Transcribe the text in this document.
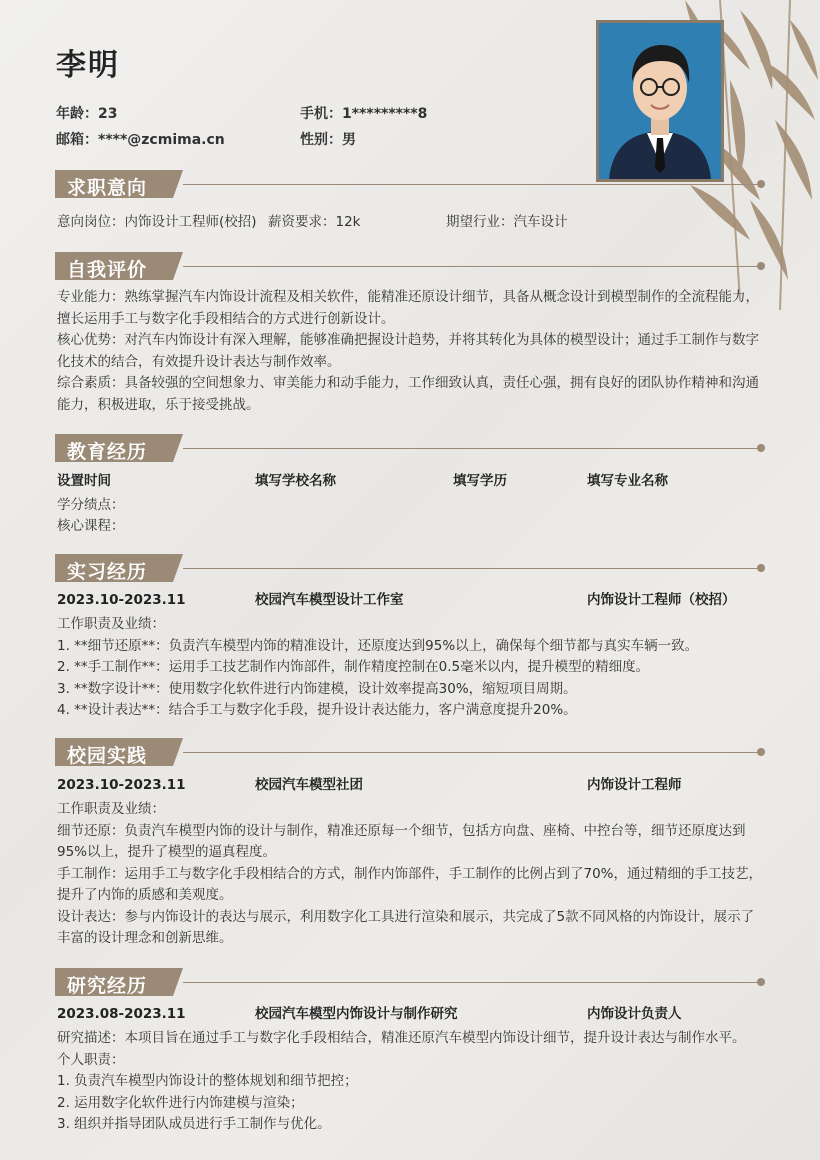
李明
年龄：23	手机：1*********8
邮箱：****@zcmima.cn	性别：男
求职意向
意向岗位：内饰设计工程师(校招) 薪资要求：12k	期望行业：汽车设计
自我评价
专业能力：熟练掌握汽车内饰设计流程及相关软件，能精准还原设计细节，具备从概念设计到模型制作的全流程能力，擅长运用手工与数字化手段相结合的方式进行创新设计。
核心优势：对汽车内饰设计有深入理解，能够准确把握设计趋势，并将其转化为具体的模型设计；通过手工制作与数字化技术的结合，有效提升设计表达与制作效率。
综合素质：具备较强的空间想象力、审美能力和动手能力，工作细致认真，责任心强，拥有良好的团队协作精神和沟通能力，积极进取，乐于接受挑战。
教育经历
设置时间	填写学校名称	填写学历	填写专业名称
学分绩点：
核心课程：
实习经历
2023.10-2023.11	校园汽车模型设计工作室	内饰设计工程师（校招）
工作职责及业绩：
1. **细节还原**：负责汽车模型内饰的精准设计，还原度达到95%以上，确保每个细节都与真实车辆一致。
2. **手工制作**：运用手工技艺制作内饰部件，制作精度控制在0.5毫米以内，提升模型的精细度。
3. **数字设计**：使用数字化软件进行内饰建模，设计效率提高30%，缩短项目周期。
4. **设计表达**：结合手工与数字化手段，提升设计表达能力，客户满意度提升20%。
校园实践
2023.10-2023.11	校园汽车模型社团	内饰设计工程师
工作职责及业绩：
细节还原：负责汽车模型内饰的设计与制作，精准还原每一个细节，包括方向盘、座椅、中控台等，细节还原度达到95%以上，提升了模型的逼真程度。
手工制作：运用手工与数字化手段相结合的方式，制作内饰部件，手工制作的比例占到了70%，通过精细的手工技艺，提升了内饰的质感和美观度。
设计表达：参与内饰设计的表达与展示，利用数字化工具进行渲染和展示，共完成了5款不同风格的内饰设计，展示了丰富的设计理念和创新思维。
研究经历
2023.08-2023.11	校园汽车模型内饰设计与制作研究	内饰设计负责人
研究描述：本项目旨在通过手工与数字化手段相结合，精准还原汽车模型内饰设计细节，提升设计表达与制作水平。
个人职责：
1. 负责汽车模型内饰设计的整体规划和细节把控；
2. 运用数字化软件进行内饰建模与渲染；
3. 组织并指导团队成员进行手工制作与优化。
